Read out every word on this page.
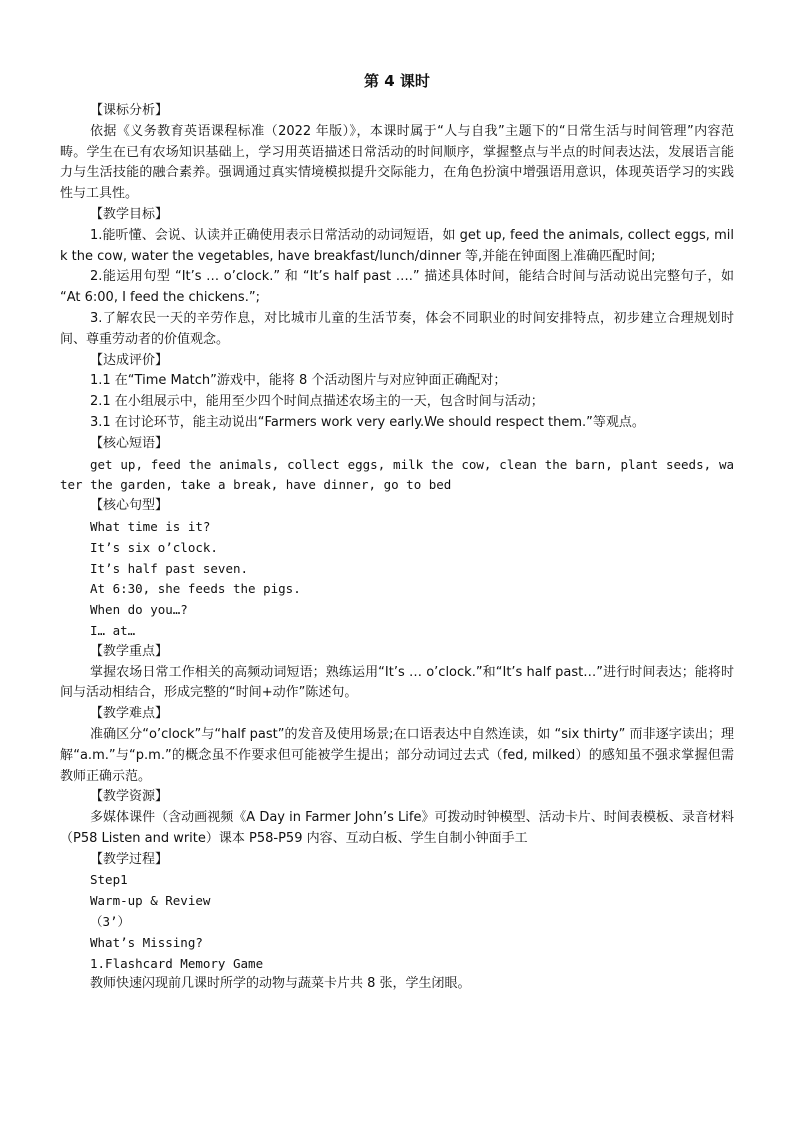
第 4 课时

【课标分析】

依据《义务教育英语课程标准（2022 年版）》，本课时属于“人与自我”主题下的“日常生活与时间管理”内容范畴。学生在已有农场知识基础上，学习用英语描述日常活动的时间顺序，掌握整点与半点的时间表达法，发展语言能力与生活技能的融合素养。强调通过真实情境模拟提升交际能力，在角色扮演中增强语用意识，体现英语学习的实践性与工具性。

【教学目标】

1.能听懂、会说、认读并正确使用表示日常活动的动词短语，如 get up, feed the animals, collect eggs, milk the cow, water the vegetables, have breakfast/lunch/dinner 等,并能在钟面图上准确匹配时间;

2.能运用句型 “It’s … o’clock.” 和 “It’s half past ….” 描述具体时间，能结合时间与活动说出完整句子，如 “At 6:00, I feed the chickens.”;

3.了解农民一天的辛劳作息，对比城市儿童的生活节奏，体会不同职业的时间安排特点，初步建立合理规划时间、尊重劳动者的价值观念。

【达成评价】

1.1 在“Time Match”游戏中，能将 8 个活动图片与对应钟面正确配对；

2.1 在小组展示中，能用至少四个时间点描述农场主的一天，包含时间与活动；

3.1 在讨论环节，能主动说出“Farmers work very early.We should respect them.”等观点。

【核心短语】

get up, feed the animals, collect eggs, milk the cow, clean the barn, plant seeds, water the garden, take a break, have dinner, go to bed

【核心句型】

What time is it?

It’s six o’clock.

It’s half past seven.

At 6:30, she feeds the pigs.

When do you…?

I… at…

【教学重点】

掌握农场日常工作相关的高频动词短语；熟练运用“It’s … o’clock.”和“It’s half past…”进行时间表达；能将时间与活动相结合，形成完整的“时间+动作”陈述句。

【教学难点】

准确区分“o’clock”与“half past”的发音及使用场景;在口语表达中自然连读，如 “six thirty” 而非逐字读出；理解“a.m.”与“p.m.”的概念虽不作要求但可能被学生提出；部分动词过去式（fed, milked）的感知虽不强求掌握但需教师正确示范。

【教学资源】

多媒体课件（含动画视频《A Day in Farmer John’s Life》可拨动时钟模型、活动卡片、时间表模板、录音材料（P58 Listen and write）课本 P58-P59 内容、互动白板、学生自制小钟面手工

【教学过程】

Step1

Warm-up & Review

（3’）

What’s Missing?

1.Flashcard Memory Game

教师快速闪现前几课时所学的动物与蔬菜卡片共 8 张，学生闭眼。
